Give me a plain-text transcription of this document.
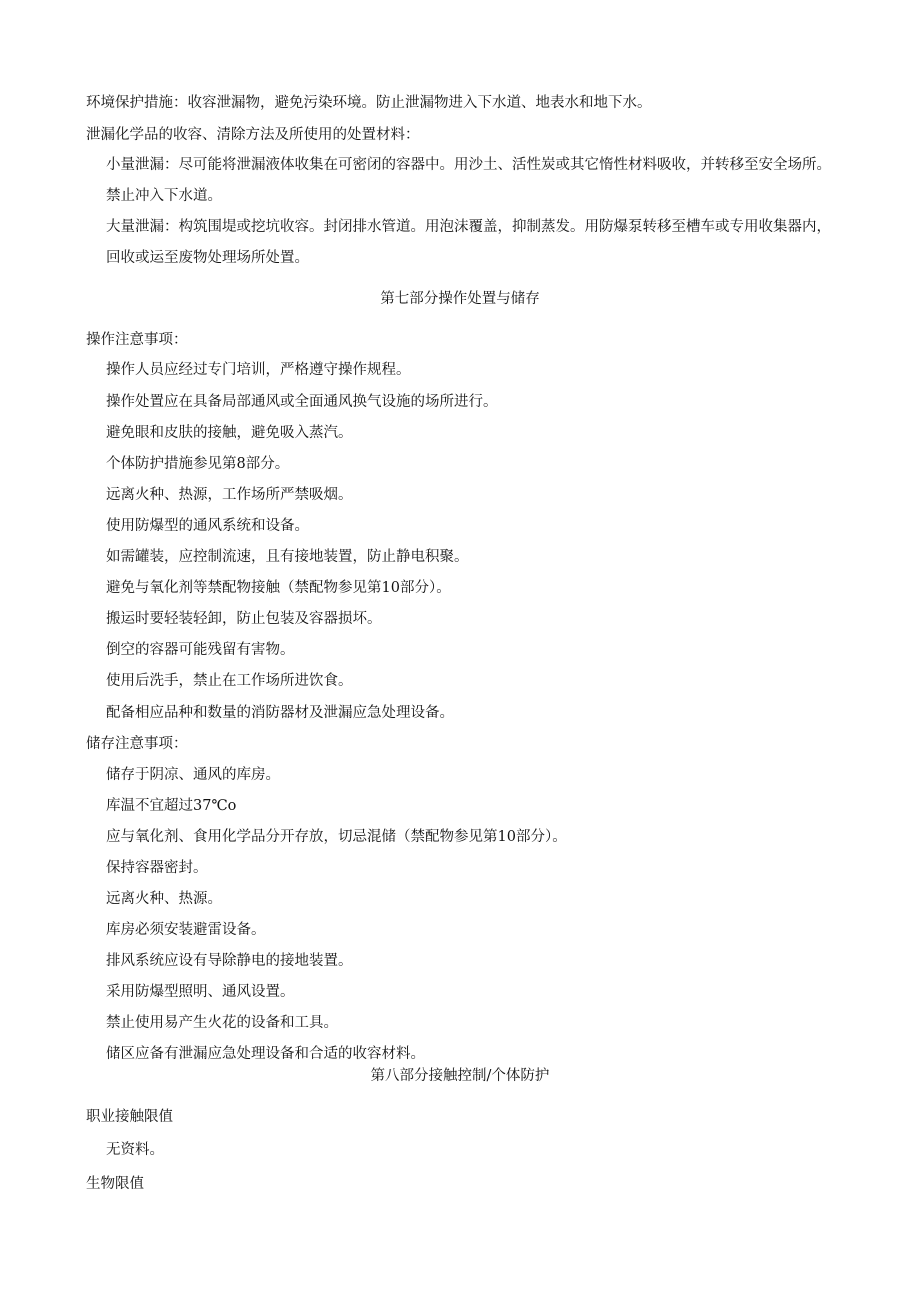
环境保护措施：收容泄漏物，避免污染环境。防止泄漏物进入下水道、地表水和地下水。
泄漏化学品的收容、清除方法及所使用的处置材料：
小量泄漏：尽可能将泄漏液体收集在可密闭的容器中。用沙土、活性炭或其它惰性材料吸收，并转移至安全场所。禁止冲入下水道。
大量泄漏：构筑围堤或挖坑收容。封闭排水管道。用泡沫覆盖，抑制蒸发。用防爆泵转移至槽车或专用收集器内，回收或运至废物处理场所处置。
第七部分操作处置与储存
操作注意事项：
操作人员应经过专门培训，严格遵守操作规程。
操作处置应在具备局部通风或全面通风换气设施的场所进行。
避免眼和皮肤的接触，避免吸入蒸汽。
个体防护措施参见第8部分。
远离火种、热源，工作场所严禁吸烟。
使用防爆型的通风系统和设备。
如需罐装，应控制流速，且有接地装置，防止静电积聚。
避免与氧化剂等禁配物接触（禁配物参见第10部分）。
搬运时要轻装轻卸，防止包装及容器损坏。
倒空的容器可能残留有害物。
使用后洗手，禁止在工作场所进饮食。
配备相应品种和数量的消防器材及泄漏应急处理设备。
储存注意事项：
储存于阴凉、通风的库房。
库温不宜超过37℃o
应与氧化剂、食用化学品分开存放，切忌混储（禁配物参见第10部分）。
保持容器密封。
远离火种、热源。
库房必须安装避雷设备。
排风系统应设有导除静电的接地装置。
采用防爆型照明、通风设置。
禁止使用易产生火花的设备和工具。
储区应备有泄漏应急处理设备和合适的收容材料。
第八部分接触控制/个体防护
职业接触限值
无资料。
生物限值
